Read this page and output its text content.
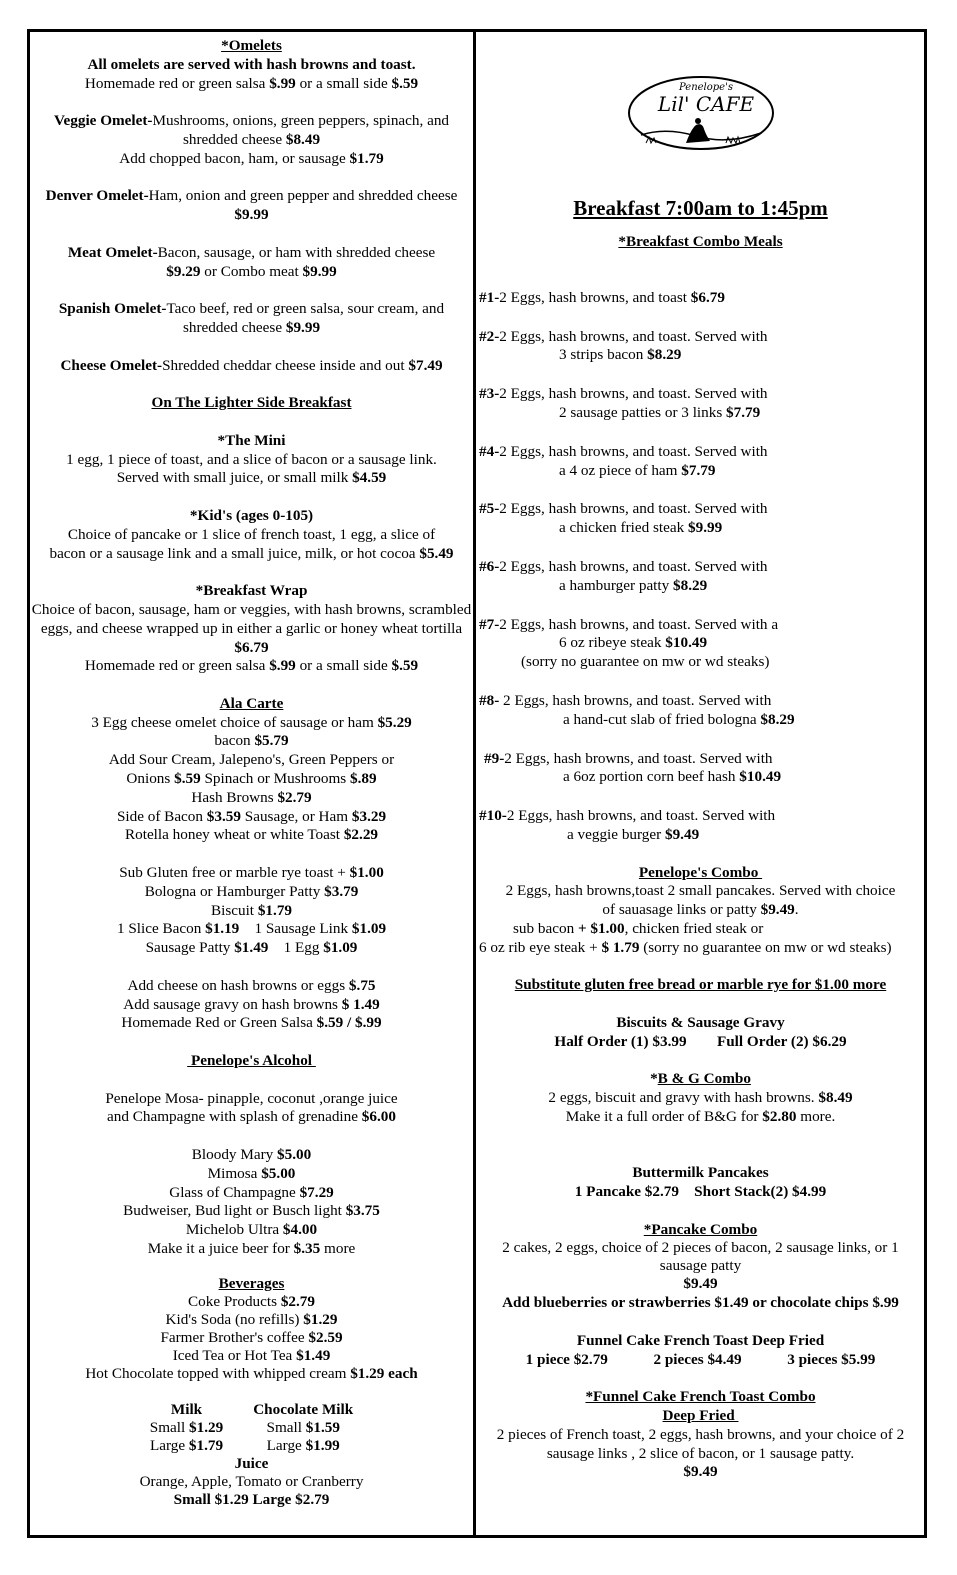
*Omelets

All omelets are served with hash browns and toast.

Homemade red or green salsa $.99 or a small side $.59

Veggie Omelet-Mushrooms, onions, green peppers, spinach, and shredded cheese $8.49

Add chopped bacon, ham, or sausage $1.79

Denver Omelet-Ham, onion and green pepper and shredded cheese $9.99

Meat Omelet-Bacon, sausage, or ham with shredded cheese
$9.29 or Combo meat $9.99

Spanish Omelet-Taco beef, red or green salsa, sour cream, and shredded cheese $9.99

Cheese Omelet-Shredded cheddar cheese inside and out $7.49

On The Lighter Side Breakfast

*The Mini

1 egg, 1 piece of toast, and a slice of bacon or a sausage link.

Served with small juice, or small milk $4.59

*Kid's (ages 0-105)

Choice of pancake or 1 slice of french toast, 1 egg, a slice of

bacon or a sausage link and a small juice, milk, or hot cocoa $5.49

*Breakfast Wrap

Choice of bacon, sausage, ham or veggies, with hash browns, scrambled eggs, and cheese wrapped up in either a garlic or honey wheat tortilla $6.79

Homemade red or green salsa $.99 or a small side $.59

Ala Carte

3 Egg cheese omelet choice of sausage or ham $5.29

bacon $5.79

Add Sour Cream, Jalepeno's, Green Peppers or

Onions $.59 Spinach or Mushrooms $.89

Hash Browns $2.79

Side of Bacon $3.59 Sausage, or Ham $3.29

Rotella honey wheat or white Toast $2.29

Sub Gluten free or marble rye toast + $1.00

Bologna or Hamburger Patty $3.79

Biscuit $1.79

1 Slice Bacon $1.19    1 Sausage Link $1.09

Sausage Patty $1.49    1 Egg $1.09

Add cheese on hash browns or eggs $.75

Add sausage gravy on hash browns $ 1.49

Homemade Red or Green Salsa $.59 / $.99

Penelope's Alcohol

Penelope Mosa- pinapple, coconut ,orange juice

and Champagne with splash of grenadine $6.00

Bloody Mary $5.00

Mimosa $5.00

Glass of Champagne $7.29

Budweiser, Bud light or Busch light $3.75

Michelob Ultra $4.00

Make it a juice beer for $.35 more

Beverages

Coke Products $2.79

Kid's Soda (no refills) $1.29

Farmer Brother's coffee $2.59

Iced Tea or Hot Tea $1.49

Hot Chocolate topped with whipped cream $1.29 each

Milk

Small $1.29

Large $1.79

Chocolate Milk

Small $1.59

Large $1.99

Juice

Orange, Apple, Tomato or Cranberry

Small $1.29 Large $2.79

Penelope's
Lil' CAFE

Breakfast 7:00am to 1:45pm

*Breakfast Combo Meals

#1-2 Eggs, hash browns, and toast $6.79

#2-2 Eggs, hash browns, and toast. Served with

3 strips bacon $8.29

#3-2 Eggs, hash browns, and toast. Served with

2 sausage patties or 3 links $7.79

#4-2 Eggs, hash browns, and toast. Served with

a 4 oz piece of ham $7.79

#5-2 Eggs, hash browns, and toast. Served with

a chicken fried steak $9.99

#6-2 Eggs, hash browns, and toast. Served with

a hamburger patty $8.29

#7-2 Eggs, hash browns, and toast. Served with a

6 oz ribeye steak $10.49

(sorry no guarantee on mw or wd steaks)

#8- 2 Eggs, hash browns, and toast. Served with

a hand-cut slab of fried bologna $8.29

#9-2 Eggs, hash browns, and toast. Served with

a 6oz portion corn beef hash $10.49

#10-2 Eggs, hash browns, and toast. Served with

a veggie burger $9.49

Penelope's Combo

2 Eggs, hash browns,toast 2 small pancakes. Served with choice

of sauasage links or patty $9.49.

sub bacon + $1.00, chicken fried steak or

6 oz rib eye steak + $ 1.79 (sorry no guarantee on mw or wd steaks)

Substitute gluten free bread or marble rye for $1.00 more

Biscuits & Sausage Gravy

Half Order (1) $3.99 Full Order (2) $6.29

*B & G Combo

2 eggs, biscuit and gravy with hash browns. $8.49

Make it a full order of B&G for $2.80 more.

Buttermilk Pancakes

1 Pancake $2.79 Short Stack(2) $4.99

*Pancake Combo

2 cakes, 2 eggs, choice of 2 pieces of bacon, 2 sausage links, or 1 sausage patty

$9.49

Add blueberries or strawberries $1.49 or chocolate chips $.99

Funnel Cake French Toast Deep Fried

1 piece $2.79	2 pieces $4.49	3 pieces $5.99

*Funnel Cake French Toast Combo

Deep Fried

2 pieces of French toast, 2 eggs, hash browns, and your choice of 2 sausage links , 2 slice of bacon, or 1 sausage patty.

$9.49
